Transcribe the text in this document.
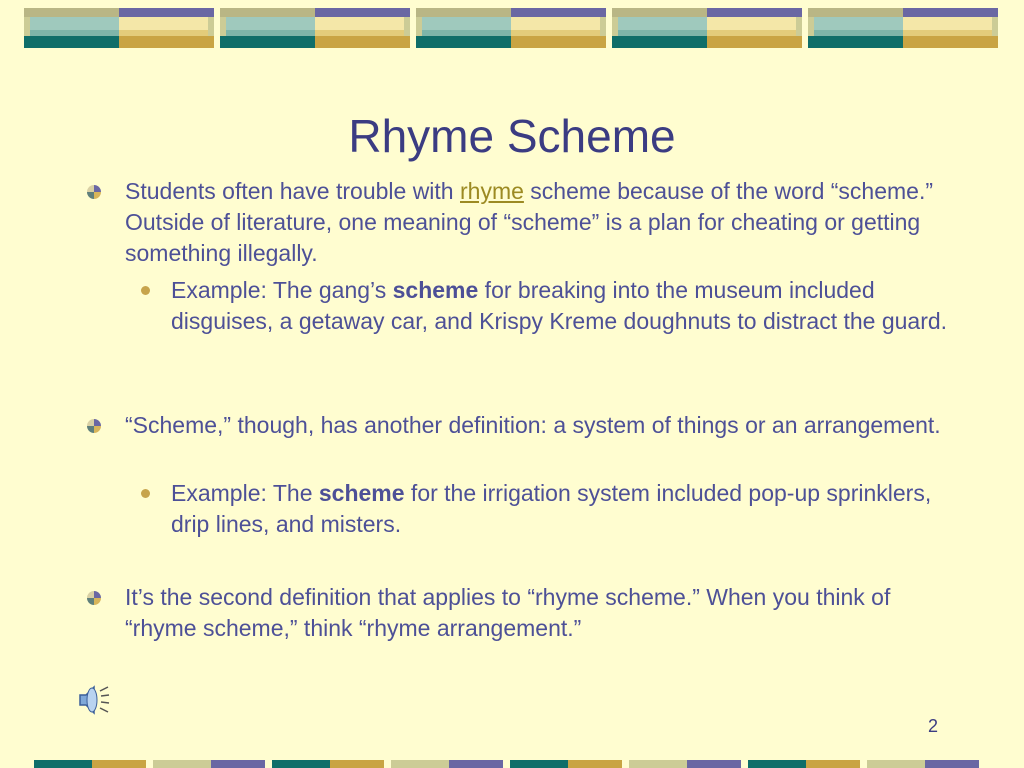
Rhyme Scheme
Students often have trouble with rhyme scheme because of the word “scheme.” Outside of literature, one meaning of “scheme” is a plan for cheating or getting something illegally.
Example: The gang’s scheme for breaking into the museum included disguises, a getaway car, and Krispy Kreme doughnuts to distract the guard.
“Scheme,” though, has another definition: a system of things or an arrangement.
Example: The scheme for the irrigation system included pop-up sprinklers, drip lines, and misters.
It’s the second definition that applies to “rhyme scheme.” When you think of “rhyme scheme,” think “rhyme arrangement.”
2
